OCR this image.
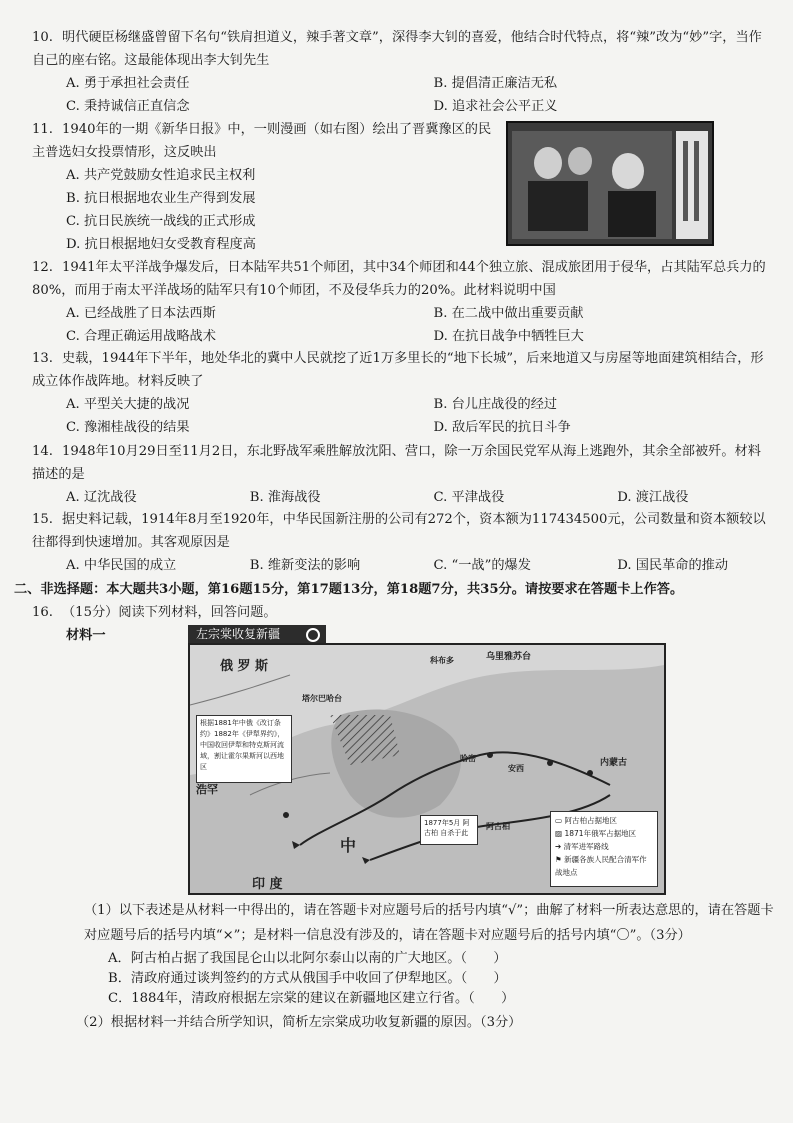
10. 明代硬臣杨继盛曾留下名句“铁肩担道义，辣手著文章”，深得李大钊的喜爱，他结合时代特点，将“辣”改为“妙”字，当作自己的座右铭。这最能体现出李大钊先生
A. 勇于承担社会责任	B. 提倡清正廉洁无私
C. 秉持诚信正直信念	D. 追求社会公平正义
11. 1940年的一期《新华日报》中，一则漫画（如右图）绘出了晋冀豫区的民主普选妇女投票情形，这反映出
A. 共产党鼓励女性追求民主权利
B. 抗日根据地农业生产得到发展
C. 抗日民族统一战线的正式形成
D. 抗日根据地妇女受教育程度高
12. 1941年太平洋战争爆发后，日本陆军共51个师团，其中34个师团和44个独立旅、混成旅团用于侵华，占其陆军总兵力的80%，而用于南太平洋战场的陆军只有10个师团，不及侵华兵力的20%。此材料说明中国
A. 已经战胜了日本法西斯	B. 在二战中做出重要贡献
C. 合理正确运用战略战术	D. 在抗日战争中牺牲巨大
13. 史载，1944年下半年，地处华北的冀中人民就挖了近1万多里长的“地下长城”，后来地道又与房屋等地面建筑相结合，形成立体作战阵地。材料反映了
A. 平型关大捷的战况	B. 台儿庄战役的经过
C. 豫湘桂战役的结果	D. 敌后军民的抗日斗争
14. 1948年10月29日至11月2日，东北野战军乘胜解放沈阳、营口，除一万余国民党军从海上逃跑外，其余全部被歼。材料描述的是
A. 辽沈战役	B. 淮海战役	C. 平津战役	D. 渡江战役
15. 据史料记载，1914年8月至1920年，中华民国新注册的公司有272个，资本额为117434500元，公司数量和资本额较以往都得到快速增加。其客观原因是
A. 中华民国的成立	B. 维新变法的影响	C. “一战”的爆发	D. 国民革命的推动
二、非选择题：本大题共3小题，第16题15分，第17题13分，第18题7分，共35分。请按要求在答题卡上作答。
16. （15分）阅读下列材料，回答问题。
材料一	左宗棠收复新疆
俄 罗 斯
浩罕
乌里雅苏台
科布多
塔尔巴哈台
哈密
安西
内蒙古
阿古柏
中
印 度
根据1881年中俄《改订条约》1882年《伊犁界约》，中国收回伊犁和特克斯河流域，割让霍尔果斯河以西地区
1877年5月 阿古柏 自杀于此
▭ 阿古柏占据地区
▨ 1871年俄军占据地区
➔ 清军进军路线
⚑ 新疆各族人民配合清军作战地点
（1）以下表述是从材料一中得出的，请在答题卡对应题号后的括号内填“√”；曲解了材料一所表达意思的，请在答题卡对应题号后的括号内填“×”；是材料一信息没有涉及的，请在答题卡对应题号后的括号内填“〇”。（3分）
A．阿古柏占据了我国昆仑山以北阿尔泰山以南的广大地区。（　　）
B．清政府通过谈判签约的方式从俄国手中收回了伊犁地区。（　　）
C．1884年，清政府根据左宗棠的建议在新疆地区建立行省。（　　）
（2）根据材料一并结合所学知识，简析左宗棠成功收复新疆的原因。（3分）
